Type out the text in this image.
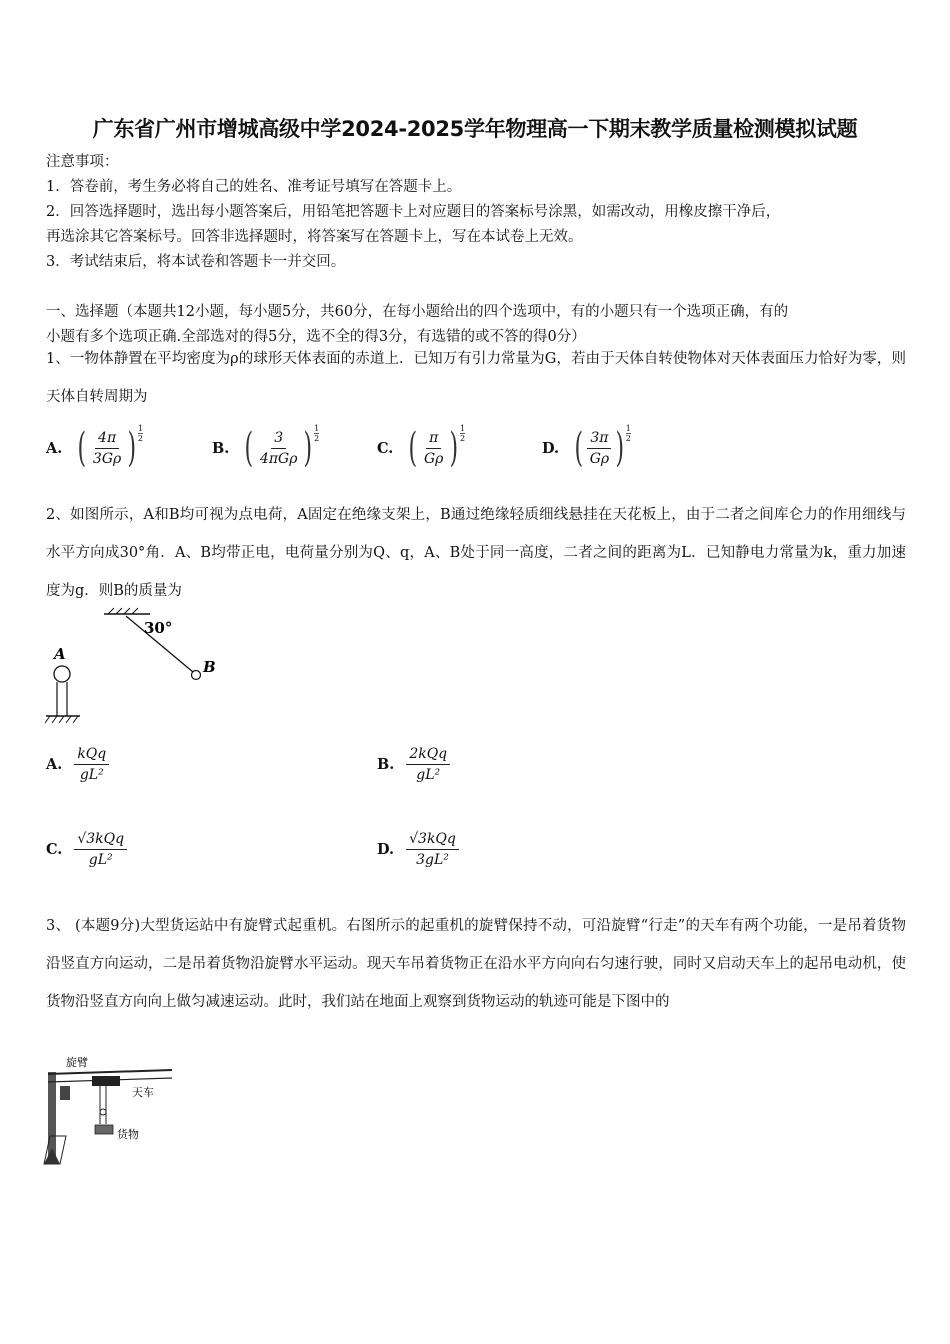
广东省广州市增城高级中学2024-2025学年物理高一下期末教学质量检测模拟试题
注意事项：
1．答卷前，考生务必将自己的姓名、准考证号填写在答题卡上。
2．回答选择题时，选出每小题答案后，用铅笔把答题卡上对应题目的答案标号涂黑，如需改动，用橡皮擦干净后，
再选涂其它答案标号。回答非选择题时，将答案写在答题卡上，写在本试卷上无效。
3．考试结束后，将本试卷和答题卡一并交回。
一、选择题（本题共12小题，每小题5分，共60分，在每小题给出的四个选项中，有的小题只有一个选项正确，有的
小题有多个选项正确.全部选对的得5分，选不全的得3分，有选错的或不答的得0分）
1、一物体静置在平均密度为ρ的球形天体表面的赤道上．已知万有引力常量为G，若由于天体自转使物体对天体表面压力恰好为零，则天体自转周期为
A. ( $\frac{4\pi}{3G\rho}$ ) 1
2
B. ( $\frac{3}{\text{4πGρ}}$ ) 1
2
C. ( $\frac{\pi}{G\rho}$ ) 1
2
D. ( $\frac{3\pi}{G\rho}$ ) 1
2
2、如图所示，A和B均可视为点电荷，A固定在绝缘支架上，B通过绝缘轻质细线悬挂在天花板上，由于二者之间库仑力的作用细线与水平方向成30°角．A、B均带正电，电荷量分别为Q、q，A、B处于同一高度，二者之间的距离为L．已知静电力常量为k，重力加速度为g．则B的质量为
30°
B
A
A. $\frac{\text{kQq}}{\text{gL²}}$	B. $\frac{\text{2kQq}}{\text{gL²}}$
C. $\frac{\text{√3kQq}}{\text{gL²}}$	D. $\frac{\text{√3kQq}}{\text{3gL²}}$
3、 (本题9分)大型货运站中有旋臂式起重机。右图所示的起重机的旋臂保持不动，可沿旋臂“行走”的天车有两个功能，一是吊着货物沿竖直方向运动，二是吊着货物沿旋臂水平运动。现天车吊着货物正在沿水平方向向右匀速行驶，同时又启动天车上的起吊电动机，使货物沿竖直方向向上做匀减速运动。此时，我们站在地面上观察到货物运动的轨迹可能是下图中的
旋臂
天车
货物
